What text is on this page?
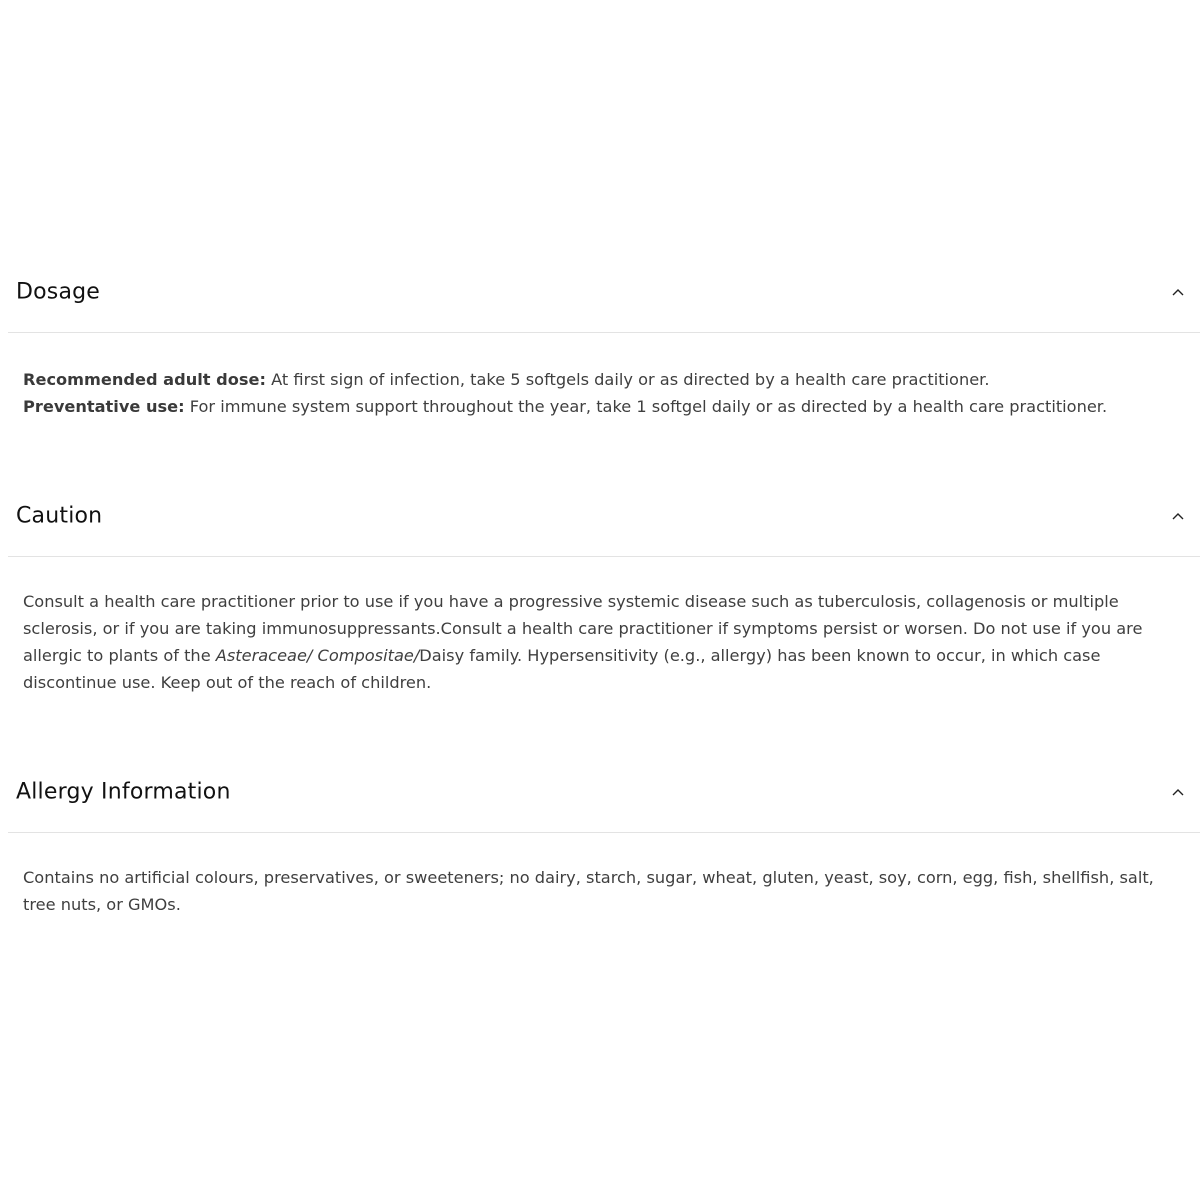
Dosage

Recommended adult dose: At first sign of infection, take 5 softgels daily or as directed by a health care practitioner.

Preventative use: For immune system support throughout the year, take 1 softgel daily or as directed by a health care practitioner.

Caution

Consult a health care practitioner prior to use if you have a progressive systemic disease such as tuberculosis, collagenosis or multiple sclerosis, or if you are taking immunosuppressants.Consult a health care practitioner if symptoms persist or worsen. Do not use if you are allergic to plants of the Asteraceae/ Compositae/Daisy family. Hypersensitivity (e.g., allergy) has been known to occur, in which case discontinue use. Keep out of the reach of children.

Allergy Information

Contains no artificial colours, preservatives, or sweeteners; no dairy, starch, sugar, wheat, gluten, yeast, soy, corn, egg, fish, shellfish, salt, tree nuts, or GMOs.
